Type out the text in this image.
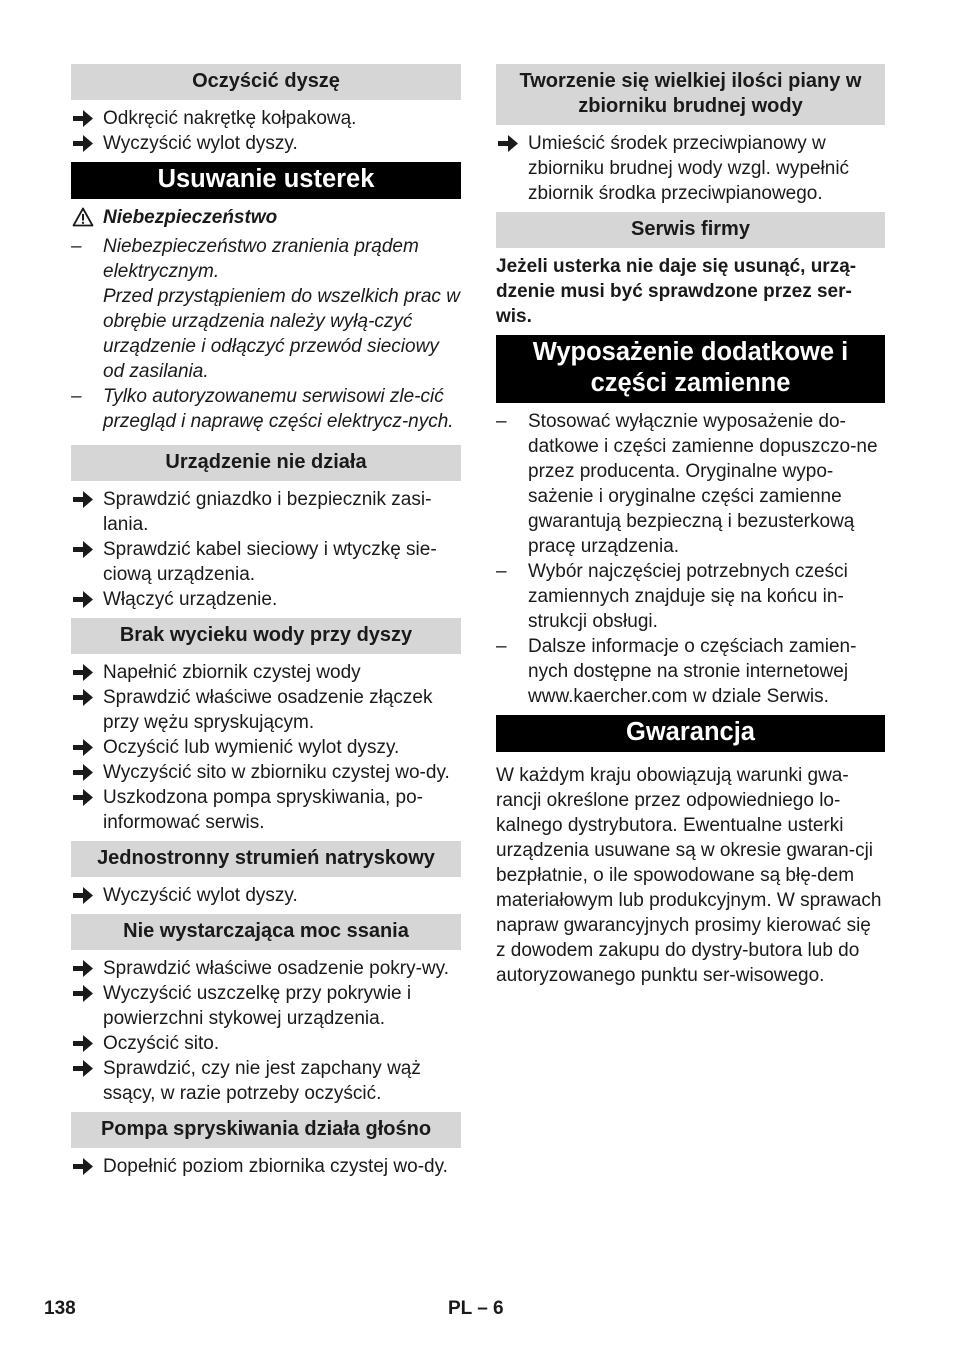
Oczyścić dyszę
Odkręcić nakrętkę kołpakową.
Wyczyścić wylot dyszy.
Usuwanie usterek
Niebezpieczeństwo
– Niebezpieczeństwo zranienia prądem elektrycznym.
Przed przystąpieniem do wszelkich prac w obrębie urządzenia należy wyłą-czyć urządzenie i odłączyć przewód sieciowy od zasilania.
– Tylko autoryzowanemu serwisowi zle-cić przegląd i naprawę części elektrycz-nych.
Urządzenie nie działa
Sprawdzić gniazdko i bezpiecznik zasi-lania.
Sprawdzić kabel sieciowy i wtyczkę sie-ciową urządzenia.
Włączyć urządzenie.
Brak wycieku wody przy dyszy
Napełnić zbiornik czystej wody
Sprawdzić właściwe osadzenie złączek przy wężu spryskującym.
Oczyścić lub wymienić wylot dyszy.
Wyczyścić sito w zbiorniku czystej wo-dy.
Uszkodzona pompa spryskiwania, po-informować serwis.
Jednostronny strumień natryskowy
Wyczyścić wylot dyszy.
Nie wystarczająca moc ssania
Sprawdzić właściwe osadzenie pokry-wy.
Wyczyścić uszczelkę przy pokrywie i powierzchni stykowej urządzenia.
Oczyścić sito.
Sprawdzić, czy nie jest zapchany wąż ssący, w razie potrzeby oczyścić.
Pompa spryskiwania działa głośno
Dopełnić poziom zbiornika czystej wo-dy.
Tworzenie się wielkiej ilości piany w zbiorniku brudnej wody
Umieścić środek przeciwpianowy w zbiorniku brudnej wody wzgl. wypełnić zbiornik środka przeciwpianowego.
Serwis firmy

Jeżeli usterka nie daje się usunąć, urzą-dzenie musi być sprawdzone przez ser-wis.

Wyposażenie dodatkowe i części zamienne
– Stosować wyłącznie wyposażenie do-datkowe i części zamienne dopuszczo-ne przez producenta. Oryginalne wypo-sażenie i oryginalne części zamienne gwarantują bezpieczną i bezusterkową pracę urządzenia.
– Wybór najczęściej potrzebnych cześci zamiennych znajduje się na końcu in-strukcji obsługi.
– Dalsze informacje o częściach zamien-nych dostępne na stronie internetowej www.kaercher.com w dziale Serwis.
Gwarancja

W każdym kraju obowiązują warunki gwa-rancji określone przez odpowiedniego lo-kalnego dystrybutora. Ewentualne usterki urządzenia usuwane są w okresie gwaran-cji bezpłatnie, o ile spowodowane są błę-dem materiałowym lub produkcyjnym. W sprawach napraw gwarancyjnych prosimy kierować się z dowodem zakupu do dystry-butora lub do autoryzowanego punktu ser-wisowego.

138	PL – 6
